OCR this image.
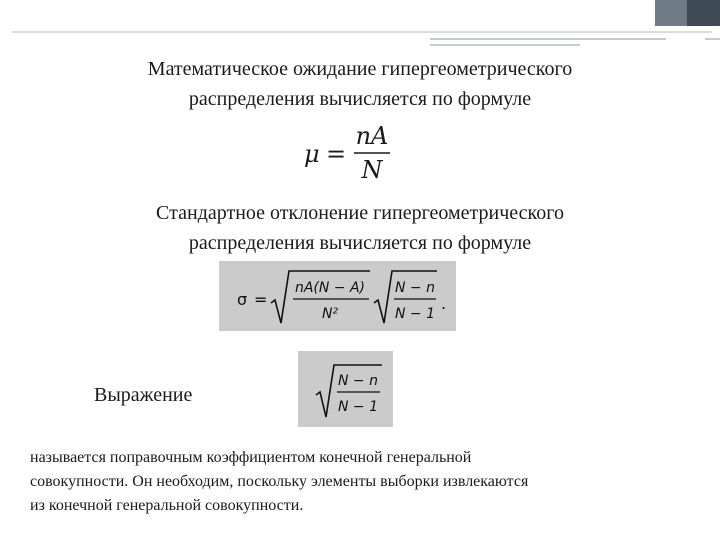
Математическое ожидание гипергеометрического
распределения вычисляется по формуле
μ =
nA
N
Стандартное отклонение гипергеометрического
распределения вычисляется по формуле
σ =
nA(N − A)
N²
N − n
N − 1
.
Выражение
N − n
N − 1
называется поправочным коэффициентом конечной генеральной
совокупности. Он необходим, поскольку элементы выборки извлекаются
из конечной генеральной совокупности.
